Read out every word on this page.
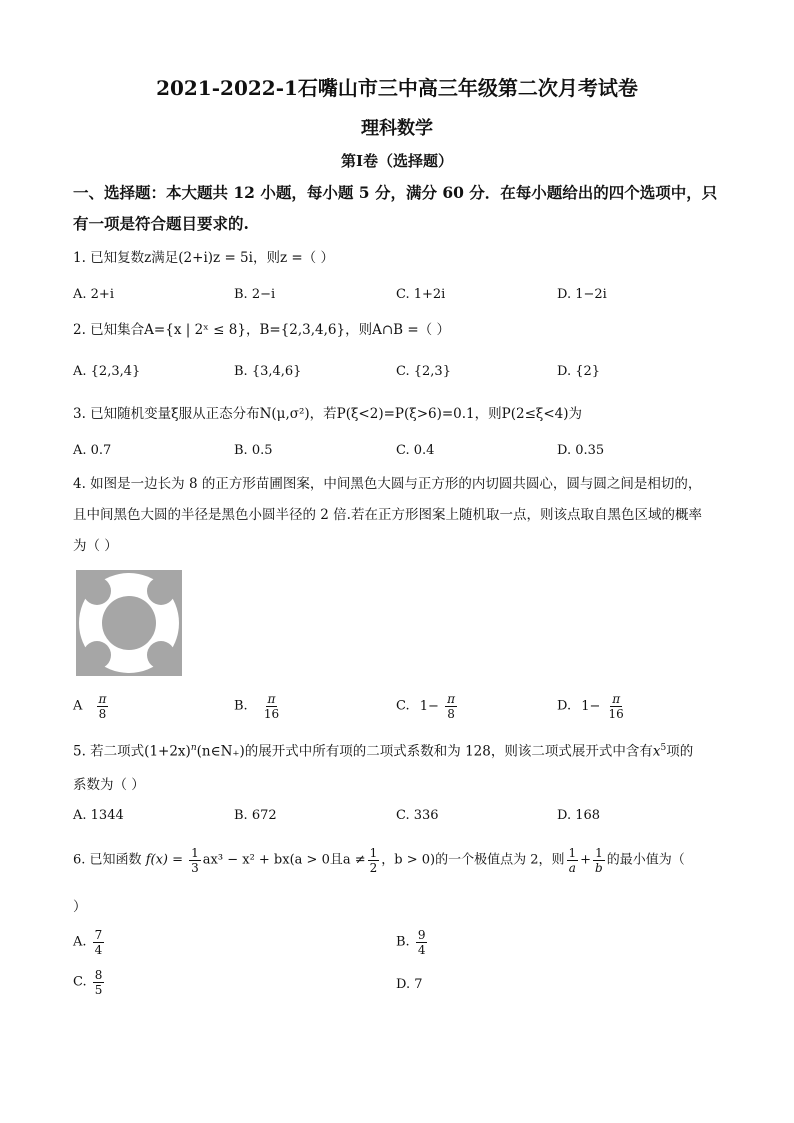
2021-2022-1石嘴山市三中高三年级第二次月考试卷
理科数学
第I卷（选择题）
一、选择题：本大题共 12 小题，每小题 5 分，满分 60 分．在每小题给出的四个选项中，只
有一项是符合题目要求的.
1. 已知复数z满足(2+i)z = 5i，则z =（ ）
A. 2+i	B. 2−i	C. 1+2i	D. 1−2i
2. 已知集合A={x | 2ˣ ≤ 8}，B={2,3,4,6}，则A∩B =（ ）
A. {2,3,4}	B. {3,4,6}	C. {2,3}	D. {2}
3. 已知随机变量ξ服从正态分布N(μ,σ²)，若P(ξ<2)=P(ξ>6)=0.1，则P(2≤ξ<4)为
A. 0.7	B. 0.5	C. 0.4	D. 0.35
4. 如图是一边长为 8 的正方形苗圃图案，中间黑色大圆与正方形的内切圆共圆心，圆与圆之间是相切的，
且中间黑色大圆的半径是黑色小圆半径的 2 倍.若在正方形图案上随机取一点，则该点取自黑色区域的概率
为（ ）
A $\frac{\pi}{8}$	B. $\frac{\pi}{16}$	C. $1- \frac{\pi}{8}$	D. $1- \frac{\pi}{16}$
5. 若二项式$(1+2x)^n(n\in N_+)$的展开式中所有项的二项式系数和为 128，则该二项式展开式中含有$x^5$项的
系数为（ ）
A. 1344	B. 672	C. 336	D. 168
6. 已知函数 $f(x) = \frac{1}{3} ax^3 - x^2 + bx(a > 0$且$a \ne \frac{1}{2}$ ，b > 0)的一个极值点为 2，则 $\frac{1}{a} + \frac{1}{b}$ 的最小值为（
）
A. $\frac{7}{4}$	B. $\frac{9}{4}$
C. $\frac{8}{5}$	D. 7
